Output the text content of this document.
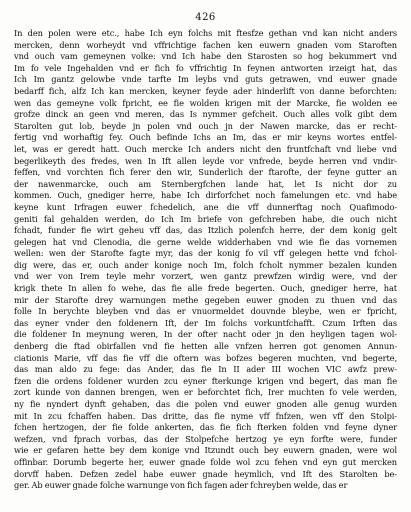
426
In den polen were etc., habe Ich eyn folchs mit ftesfze gethan vnd kan nicht anders
mercken, denn worheydt vnd vffrichtige fachen ken euwern gnaden vom Staroften
vnd ouch vam gemeynen volke: vnd Ich habe den Starosten so hog bekummert vnd
Im fo vele Ingehalden vnd er fich fo vffrichtig In feynen antworten irzeigt hat, das
Ich Im gantz gelowbe vnde tarfte Im leybs vnd guts getrawen, vnd euwer gnade
bedarff fich, alfz Ich kan mercken, keyner feyde ader hinderlift von danne beforchten:
wen das gemeyne volk fpricht, ee fie wolden krigen mit der Marcke, fie wolden ee
grofze dinck an geen vnd meren, das Is nymmer gefcheit. Ouch alles volk gibt dem
Starolten gut lob, beyde jn polen vnd ouch jn der Nawen marcke, das er recht-
fertig vnd worhaftig fey. Ouch befinde Ichs an Im, das er mir keyns wortes entfel-
let, was er geredt hatt. Ouch mercke Ich anders nicht den fruntfchaft vnd liebe vnd
begerlikeyth des fredes, wen In Ift allen leyde vor vnfrede, beyde herren vnd vndir-
feffen, vnd vorchten fich ferer den wir, Sunderlich der ftarofte, der feyne gutter an
der nawenmarcke, ouch am Sternbergfchen lande hat, let Is nicht dor zu
kommen. Ouch, gnediger herre, habe Ich dirforfchet noch famelungen etc. vnd habe
keyne kunt Irfragen euwer fchedelich, ane die vff dunnerftag noch Quafimodo-
geniti fal gehalden werden, do Ich Im briefe von gefchreben habe, die ouch nicht
fchadt, funder fie wirt geheu vff das, das Itzlich polenfch herre, der dem konig gelt
gelegen hat vnd Clenodia, die gerne welde widderhaben vnd wie fie das vornemen
wellen: wen der Starofte fagte myr, das der konig fo vil vff gelegen hette vnd fchol-
dig were, das er, ouch ander konige noch Im, folch fcholt nymmer bezalen kunden
vnd wer von Irem teyle mehr vorzert, wen gantz prewfzen wirdig were, vnd der
krigk thete In allen fo wehe, das fie alle frede begerten. Ouch, gnediger herre, hat
mir der Starofte drey warnungen methe gegeben euwer gnoden zu thuen vnd das
folle In berychte bleyben vnd das er vnuormeldet douvnde bleybe, wen er fpricht,
das eyner vnder den foldenern Ift, der Im folchs vorkuntfchafft. Czum Irften das
die foldener In meynung weren, In der ofter nacht oder jn den heyligen tagen wol-
denberg die ftad obirfallen vnd fie hetten alle vnfzen herren got genomen Annun-
ciationis Marie, vff das fie vff die oftern was bofzes begeren muchten, vnd begerte,
das man aldo zu fege: das Ander, das fie In II ader III wochen VIC awfz prew-
fzen die ordens foldener wurden zcu eyner fterkunge krigen vnd begert, das man fie
zort kunde von dannen brengen, wen er beforchtet fich, Irer muchten fo vele werden,
ny fie nyndert dynft gehaben, das die polen vnd euwer gnoden alle genug wurden
mit In zcu fchaffen haben. Das dritte, das fie nyme vff fnfzen, wen vff den Stolpi-
fchen hertzogen, der fie folde ankerten, das fie fich fterken folden vnd feyne dyner
wefzen, vnd fprach vorbas, das der Stolpefche hertzog ye eyn forfte were, funder
wie er gefaren hette bey dem konige vnd Itzundt ouch bey euwern gnaden, were wol
offinbar. Dorumb begerte her, euwer gnade folde wol zcu fehen vnd eyn gut mercken
dorvff haben. Defzen zedel habe euwer gnade heymlich, vnd Ift des Starolten be-
ger. Ab euwer gnade folche warnunge von fich fagen ader fchreyben welde, das er
